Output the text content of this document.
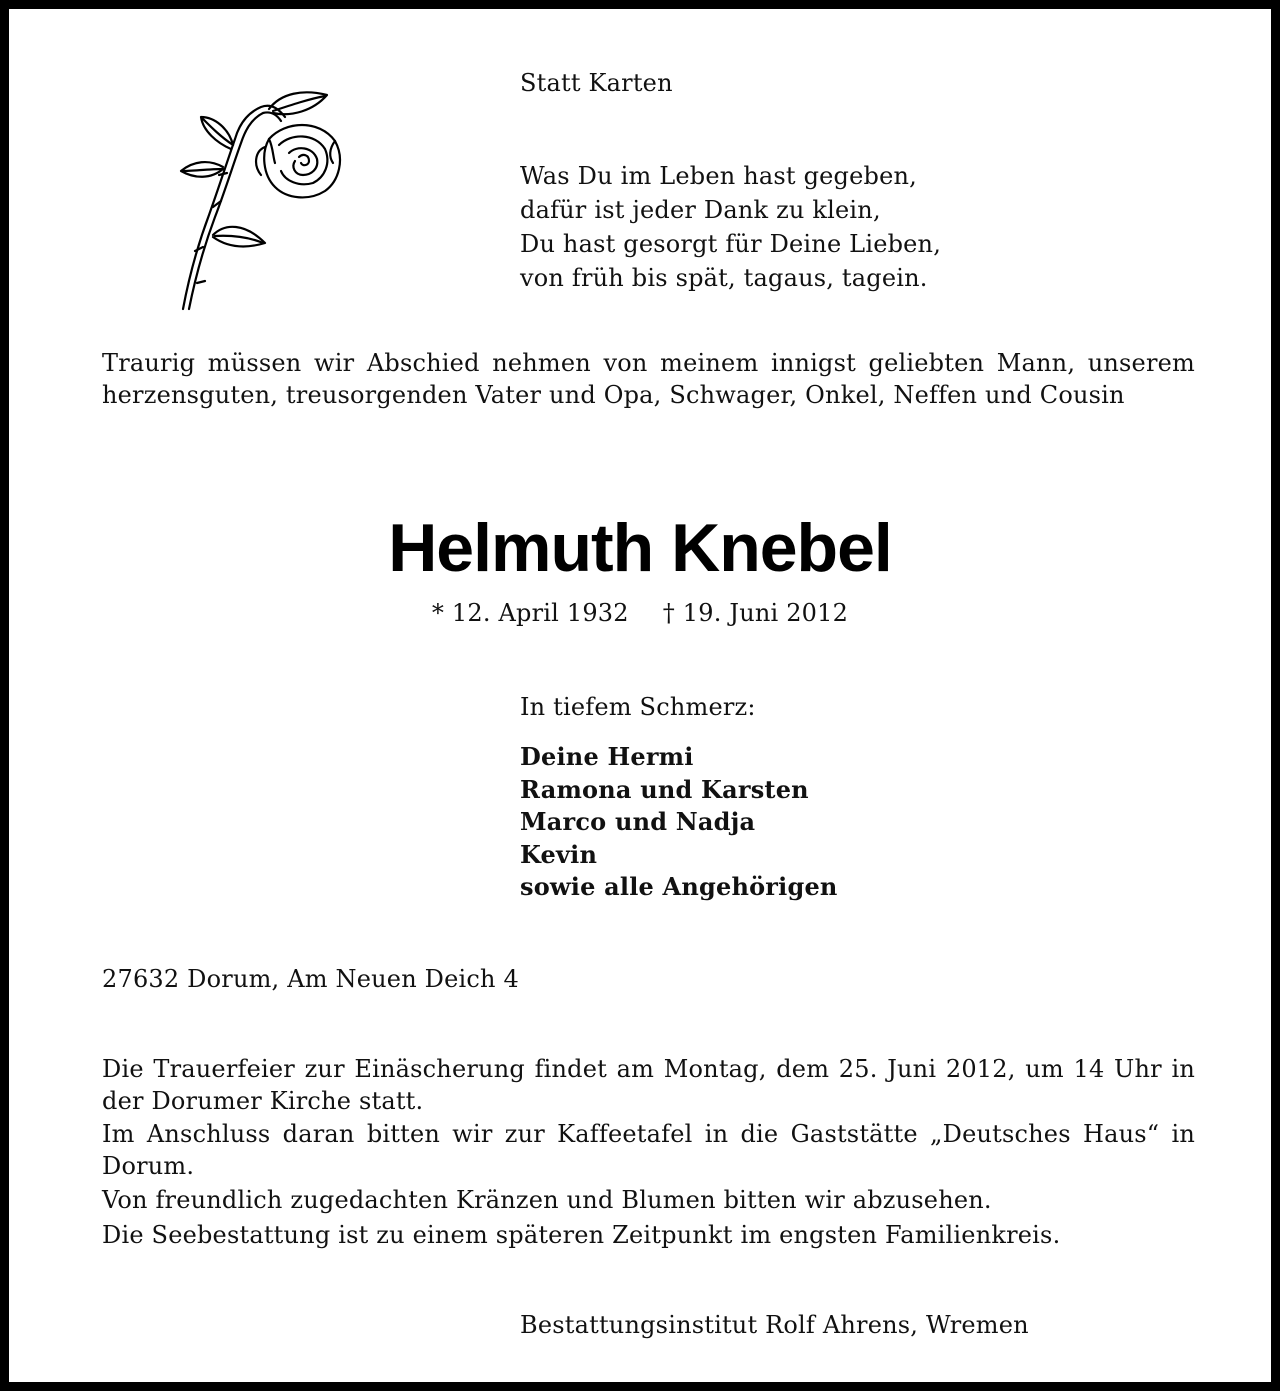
Statt Karten
Was Du im Leben hast gegeben,
dafür ist jeder Dank zu klein,
Du hast gesorgt für Deine Lieben,
von früh bis spät, tagaus, tagein.

Traurig müssen wir Abschied nehmen von meinem innigst geliebten Mann, unserem herzensguten, treusorgenden Vater und Opa, Schwager, Onkel, Neffen und Cousin

Helmuth Knebel
* 12. April 1932 † 19. Juni 2012
In tiefem Schmerz:
Deine Hermi
Ramona und Karsten
Marco und Nadja
Kevin
sowie alle Angehörigen
27632 Dorum, Am Neuen Deich 4

Die Trauerfeier zur Einäscherung findet am Montag, dem 25. Juni 2012, um 14 Uhr in der Dorumer Kirche statt.

Im Anschluss daran bitten wir zur Kaffeetafel in die Gaststätte „Deutsches Haus“ in Dorum.

Von freundlich zugedachten Kränzen und Blumen bitten wir abzusehen.

Die Seebestattung ist zu einem späteren Zeitpunkt im engsten Familienkreis.

Bestattungsinstitut Rolf Ahrens, Wremen
